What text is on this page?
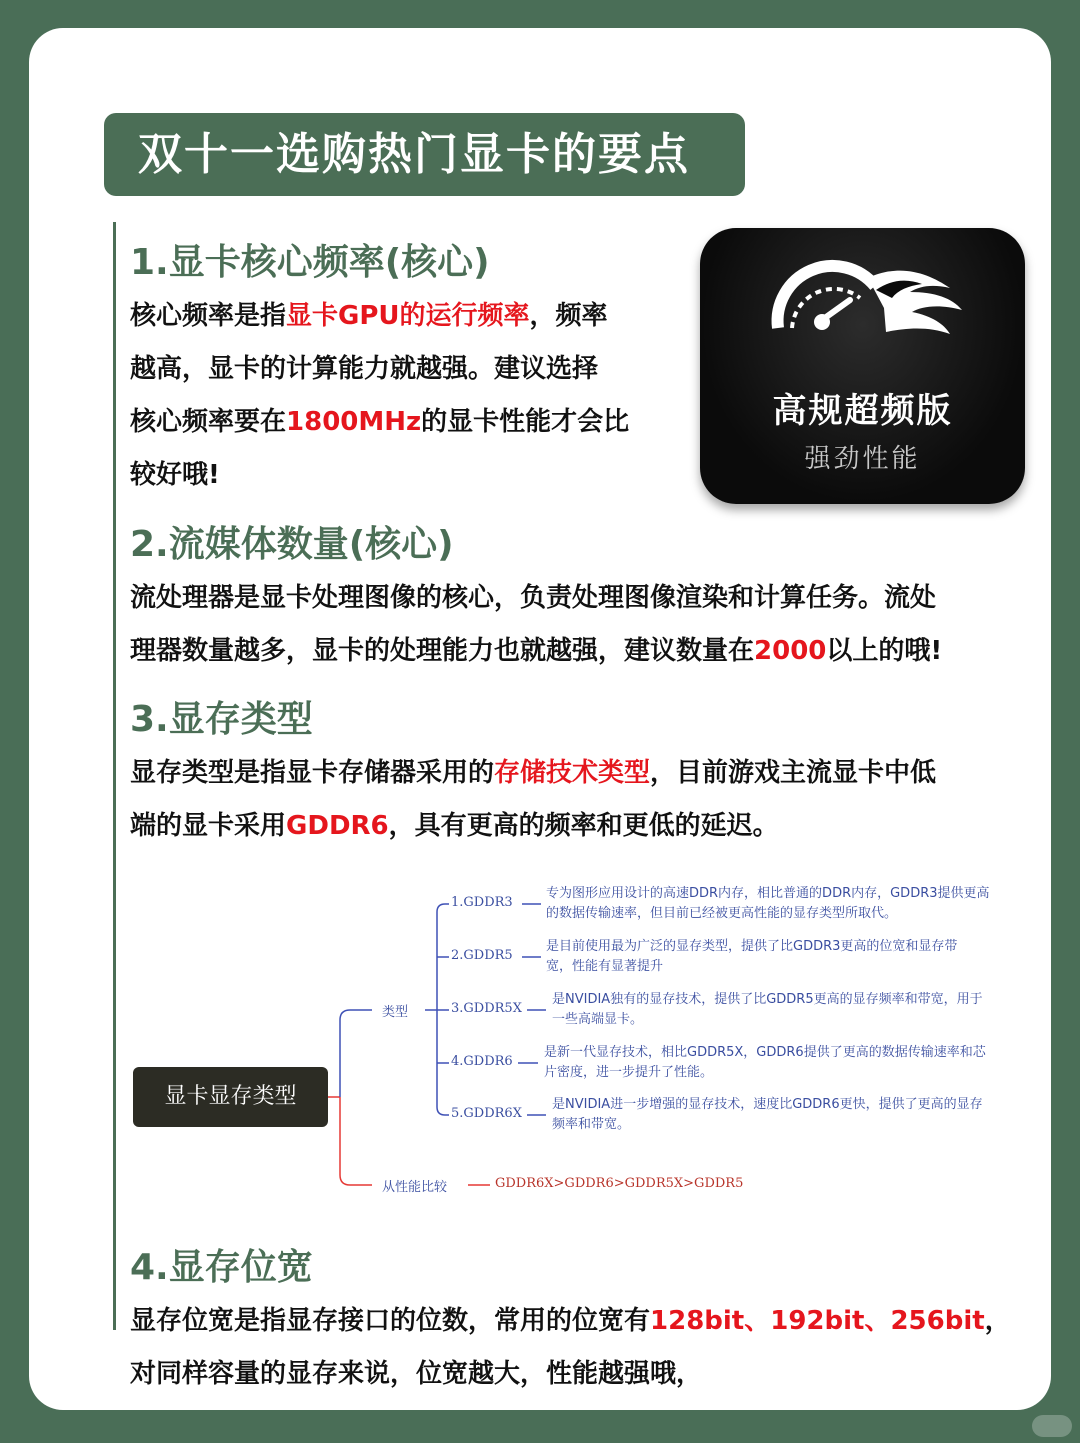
双十一选购热门显卡的要点
1.显卡核心频率(核心)

核心频率是指显卡GPU的运行频率，频率
越高，显卡的计算能力就越强。建议选择
核心频率要在1800MHz的显卡性能才会比
较好哦!

高规超频版
强劲性能
2.流媒体数量(核心)

流处理器是显卡处理图像的核心，负责处理图像渲染和计算任务。流处
理器数量越多，显卡的处理能力也就越强，建议数量在2000以上的哦!

3.显存类型

显存类型是指显卡存储器采用的存储技术类型，目前游戏主流显卡中低
端的显卡采用GDDR6，具有更高的频率和更低的延迟。

显卡显存类型
类型
从性能比较	GDDR6X>GDDR6>GDDR5X>GDDR5
1.GDDR3
专为图形应用设计的高速DDR内存，相比普通的DDR内存，GDDR3提供更高
的数据传输速率，但目前已经被更高性能的显存类型所取代。
2.GDDR5
是目前使用最为广泛的显存类型，提供了比GDDR3更高的位宽和显存带
宽，性能有显著提升
3.GDDR5X
是NVIDIA独有的显存技术，提供了比GDDR5更高的显存频率和带宽，用于
一些高端显卡。
4.GDDR6
是新一代显存技术，相比GDDR5X，GDDR6提供了更高的数据传输速率和芯
片密度，进一步提升了性能。
5.GDDR6X
是NVIDIA进一步增强的显存技术，速度比GDDR6更快，提供了更高的显存
频率和带宽。
4.显存位宽

显存位宽是指显存接口的位数，常用的位宽有128bit、192bit、256bit，
对同样容量的显存来说，位宽越大，性能越强哦，
